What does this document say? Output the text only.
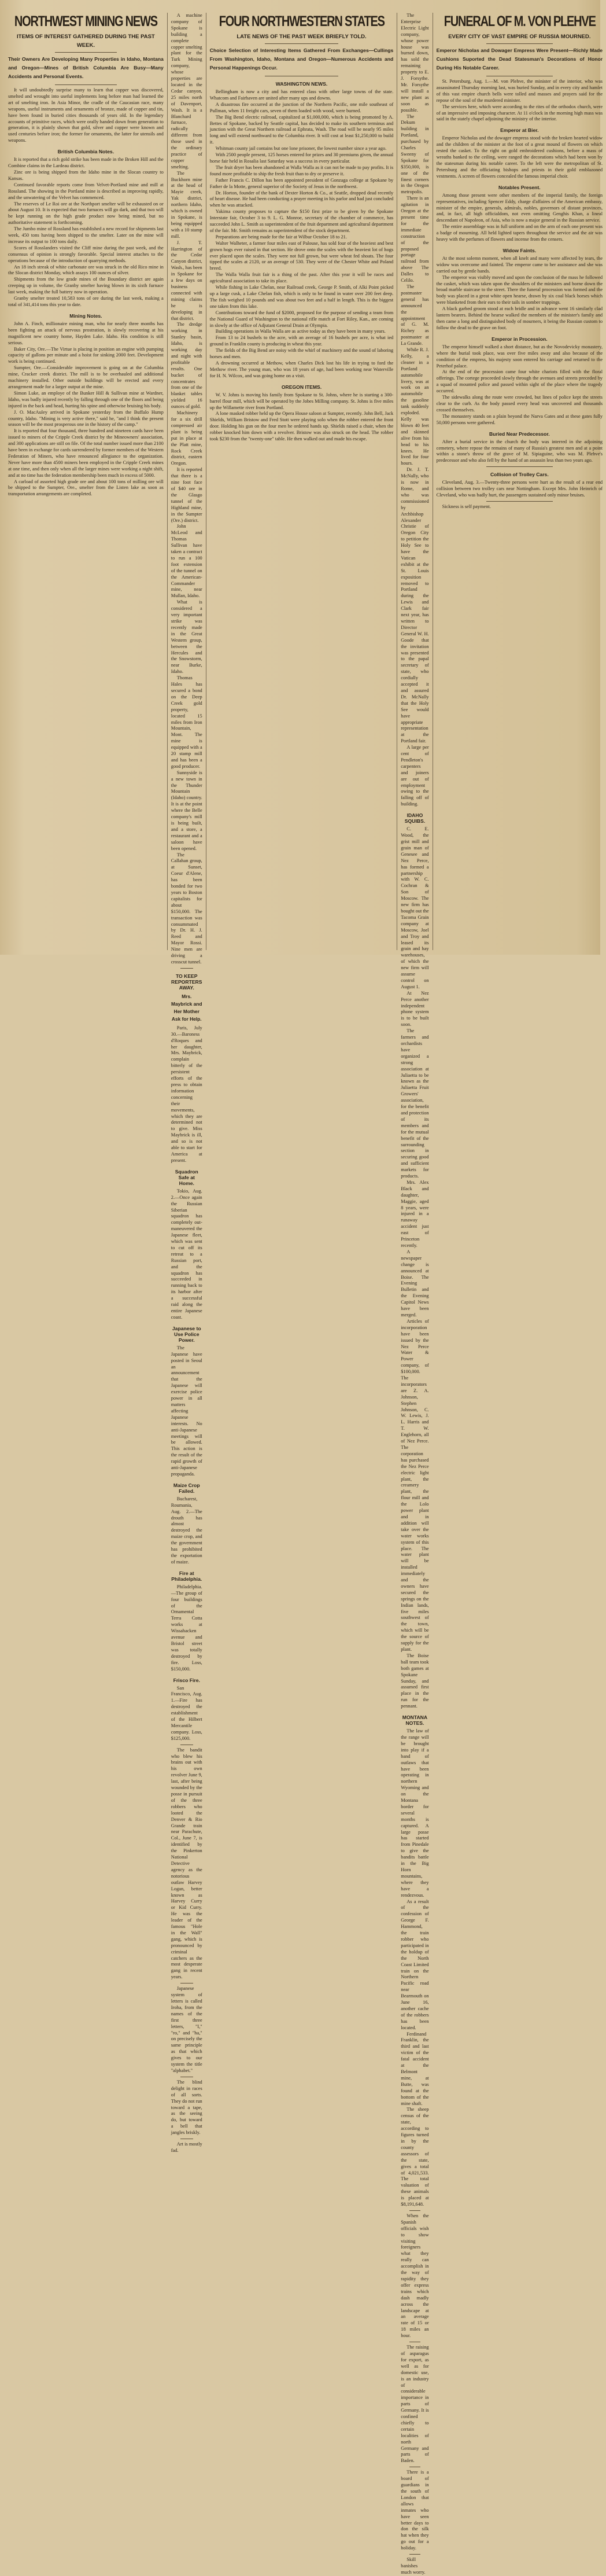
NORTHWEST MINING NEWS
ITEMS OF INTEREST GATHERED DURING THE PAST WEEK.
Their Owners Are Developing Many Properties in Idaho, Montana and Oregon—Mines of British Columbia Are Busy—Many Accidents and Personal Events.

It will undoubtedly surprise many to learn that copper was discovered, smelted and wrought into useful implements long before man had learned the art of smelting iron. In Asia Minor, the cradle of the Caucasian race, many weapons, useful instruments and ornaments of bronze, made of copper and tin, have been found in buried cities thousands of years old. In the legendary accounts of primitive races, which were orally handed down from generation to generation, it is plainly shown that gold, silver and copper were known and used centuries before iron; the former for ornaments, the latter for utensils and weapons.

British Columbia Notes.

It is reported that a rich gold strike has been made in the Broken Hill and the Combine claims in the Lardeau district.

Zinc ore is being shipped from the Idaho mine in the Slocan country to Kansas.

Continued favorable reports come from Velvet-Portland mine and mill at Rossland. The showing in the Portland mine is described as improving rapidly, and the unwatering of the Velvet has commenced.

The reserves of Le Roi ore at the Northport smelter will be exhausted on or about August 10. It is expected that two furnaces will go dark, and that two will be kept running on the high grade product now being mined, but no authoritative statement is forthcoming.

The Jumbo mine of Rossland has established a new record for shipments last week, 450 tons having been shipped to the smelter. Later on the mine will increase its output to 100 tons daily.

Scores of Rosslanders visited the Cliff mine during the past week, and the consensus of opinion is strongly favorable. Special interest attaches to the operations because of the introduction of quarrying methods.

An 18 inch streak of white carbonate ore was struck in the old Rico mine in the Slocan district Monday, which assays 100 ounces of silver.

Shipments from the low grade mines of the Boundary district are again creeping up in volume, the Granby smelter having blown in its sixth furnace last week, making the full battery now in operation.

Granby smelter treated 10,583 tons of ore during the last week, making a total of 341,414 tons this year to date.

Mining Notes.

John A. Finch, millionaire mining man, who for nearly three months has been fighting an attack of nervous prostration, is slowly recovering at his magnificent new country home, Hayden Lake. Idaho. His condition is still serious.

Baker City, Ore.—The Virtue is placing in position an engine with pumping capacity of gallons per minute and a hoist for sinking 2000 feet. Development work is being continued.

Sumpter, Ore.—Considerable improvement is going on at the Columbia mine, Cracker creek district. The mill is to be overhauled and additional machinery installed. Other outside buildings will be erected and every arrangement made for a larger output at the mine.

Simon Luke, an employe of the Bunker Hill & Sullivan mine at Wardner, Idaho, was badly injured recently by falling through one of the floors and being injured in the back and head, hurting his spine and otherwise bruising his body.

J. O. MacAuley arrived in Spokane yesterday from the Buffalo Hump country, Idaho. "Mining is very active there," said he, "and I think the present season will be the most prosperous one in the history of the camp."

It is reported that four thousand, three hundred and nineteen cards have been issued to miners of the Cripple Creek district by the Mineowners' association, and 300 applications are still on file. Of the total number issued more than 2100 have been in exchange for cards surrendered by former members of the Western Federation of Miners, who have renounced allegiance to the organization. Never have more than 4500 miners been employed in the Cripple Creek mines at one time, and then only when all the larger mines were working a night shift, and at no time has the federation membership been much in excess of 5000.

A carload of assorted high grade ore and about 100 tons of milling ore will be shipped to the Sumpter, Ore., smelter from the Listen lake as soon as transportation arrangements are completed.

A machine company of Spokane is building a complete copper smelting plant for the Turk Mining company, whose properties are located in the Cedar canyon, 25 miles north of Davenport, Wash. It is a Blanchard furnace, radically different from those used in the ordinary practice of copper smelting.

The Buckhorn mine at the head of Mayie creek, Yak district, northern Idaho, which is owned in Spokane, is being equipped with a 10 stamp mill.

J. T. Harrington of the Cedar Canyon district, Wash., has been in Spokane for a few days on business connected with mining claims he is developing in that district.

The dredge working in Stanley basin, Idaho, is working day and night with profitable results. One bucket of concentrates from one of the blanket tables yielded 16 ounces of gold.

Machinery for a six drill compressed air plant is being put in place at the Platt mine, Rock Creek district, eastern Oregon.

It is reported that there is a nine foot face of $40 ore in the Glasgo tunnel of the Highland mine, in the Sumpter (Ore.) district.

John McLeod and Thomas Sullivan have taken a contract to run a 100 foot extension of the tunnel on the American-Commander mine, near Mullan, Idaho.

What is considered a very important strike was recently made in the Great Western group, between the Hercules and the Snowstorm, near Burke, Idaho.

Thomas Hales has secured a bond on the Deep Creek gold property, located 15 miles from Iron Mountain, Mont. The mine is equipped with a 20 stamp mill and has been a good producer.

Sunnyside is a new town in the Thunder Mountain (Idaho) country. It is at the point where the Belle company's mill is being built, and a store, a restaurant and a saloon have been opened.

The Callahan group, at Sunset, Coeur d'Alene, has been bonded for two years to Boston capitalists for about $150,000. The transaction was consummated by Dr. H. J. Reed and Mayor Rossi. Nine men are driving a crosscut tunnel.

TO KEEP REPORTERS AWAY.
Mrs. Maybrick and Her Mother Ask for Help.

Paris, July 30.—Baroness d'Roques and her daughter, Mrs. Maybrick, complain bitterly of the persistent efforts of the press to obtain information concerning their movements, which they are determined not to give. Miss Maybrick is ill, and so is not able to start for America at present.

Squadron Safe at Home.

Tokio, Aug. 2.—Once again the Russian Siberian squadron has completely out-maneuvered the Japanese fleet, which was sent to cut off its retreat to a Russian port, and the squadron has succeeded in running back to its harbor after a successful raid along the entire Japanese coast.

Japanese to Use Police Power.

The Japanese have posted in Seoul an announcement that the Japanese will exercise police power in all matters affecting Japanese interests. No anti-Japanese meetings will be allowed. This action is the result of the rapid growth of anti-Japanese propaganda.

Maize Crop Failed.

Bucharest, Roumania, Aug. 2.—The drouth has almost destroyed the maize crop, and the government has prohibited the exportation of maize.

Fire at Philadelphia.

Philadelphia.—The group of four buildings of the Ornamental Terra Cotta works at Wissahacken avenue and Bristol street was totally destroyed by fire. Loss, $150,000.

Frisco Fire.

San Francisco, Aug. 1.—Fire has destroyed the establishment of the Hilbert Mercantile company. Loss, $125,000.

The bandit who blew his brains out with his own revolver June 9, last, after being wounded by the posse in pursuit of the three robbers who looted the Denver & Rio Grande train near Parachute, Col., June 7, is identified by the Pinkerton National Detective agency as the notorious outlaw Harvey Logan, better known as Harvey Curry or Kid Curry. He was the leader of the famous "Hole in the Wall" gang, which is pronounced by criminal catchers as the most desperate gang in recent years.

Japanese system of letters is called Iroha, from the names of the first three letters, "I," "ro," and "ha," on precisely the same principle as that which gives to our system the title "alphabet."

The blind delight in races of all sorts. They do not run toward a tape, as the seeing do, but toward a bell that jangles briskly.

Art is mostly fad.

FOUR NORTHWESTERN STATES
LATE NEWS OF THE PAST WEEK BRIEFLY TOLD.
Choice Selection of Interesting Items Gathered From Exchanges—Cullings From Washington, Idaho, Montana and Oregon—Numerous Accidents and Personal Happenings Occur.
WASHINGTON NEWS.

Bellingham is now a city and has entered class with other large towns of the state. Whatcom and Fairhaven are united after many ups and downs.

A disastrous fire occurred at the junction of the Northern Pacific, one mile southeast of Pullman, when 11 freight cars, seven of them loaded with wood, were burned.

The Big Bend electric railroad, capitalized at $1,000,000, which is being promoted by A. Bettes of Spokane, backed by Seattle capital, has decided to make its southern terminus and junction with the Great Northern railroad at Ephrata, Wash. The road will be nearly 95 miles long and will extend northward to the Columbia river. It will cost at least $1,250,000 to build it.

Whitman county jail contains but one lone prisoner, the lowest number since a year ago.

With 2500 people present, 125 horses entered for prizes and 30 premiums given, the annual horse fair held in Rosalia last Saturday was a success in every particular.

The fruit dryer has been abandoned at Walla Walla as it can not be made to pay profits. It is found more profitable to ship the fresh fruit than to dry or preserve it.

Father Francis C. Dillon has been appointed president of Gonzaga college at Spokane by Father de la Motte, general superior of the Society of Jesus in the northwest.

Dr. Horton, founder of the bank of Dexter Horton & Co., at Seattle, dropped dead recently of heart disease. He had been conducting a prayer meeting in his parlor and had just concluded when he was attacked.

Yakima county proposes to capture the $150 first prize to be given by the Spokane Interstate fair, October 3 to 9. L. G. Monroe, secretary of the chamber of commerce, has succeeded John L. Smith as superintendent of the fruit department and agricultural department of the fair. Mr. Smith remains as superintendent of the stock department.

Preparations are being made for the fair at Wilbur October 18 to 21.

Walter Walheter, a farmer four miles east of Palouse, has sold four of the heaviest and best grown hogs ever raised in that section. He drove onto the scales with the heaviest lot of hogs ever placed upon the scales. They were not full grown, but were wheat fed shoats. The four tipped the scales at 2120, or an average of 530. They were of the Chester White and Poland breed.

The Walla Walla fruit fair is a thing of the past. After this year it will be races and agricultural association to take its place.

While fishing in Lake Chelan, near Railroad creek, George P. Smith, of Alki Point picked up a large cusk, a Lake Chelan fish, which is only to be found in water over 200 feet deep. The fish weighed 10 pounds and was about two feet and a half in length. This is the biggest one taken from this lake.

Contributions toward the fund of $2000, proposed for the purpose of sending a team from the National Guard of Washington to the national rifle match at Fort Riley, Kan., are coming in slowly at the office of Adjutant General Drain at Olympia.

Building operations in Walla Walla are as active today as they have been in many years.

From 13 to 24 bushels to the acre, with an average of 16 bushels per acre, is what ied ground in Franklin county is producing in wheat this year.

The fields of the Big Bend are noisy with the whirl of machinery and the sound of laboring horses and men.

A drowning occurred at Methow, when Charles Dick lost his life in trying to ford the Methow river. The young man, who was 18 years of age, had been working near Waterville for H. N. Wilcox, and was going home on a visit.

OREGON ITEMS.

W. V. Johns is moving his family from Spokane to St. Johns, where he is starting a 300-barrel flour mill, which will be operated by the Jobes Milling company. St. Johns is five miles up the Willamette river from Portland.

A lone masked robber held up the Opera House saloon at Sumpter, recently. John Bell, Jack Shields, William Bristow and Fred Stott were playing solo when the robber entered the front door. Holding his gun on the four men he ordered hands up. Shields raised a chair, when the robber knocked him down with a revolver. Bristow was also struck on the head. The robber took $230 from the "twenty-one" table. He then walked out and made his escape.

The Enterprise Electric Light company, whose power house was burned down, has sold the remaining property to E. J. Forsythe. Mr. Forsythe will install a new plant as soon as possible.

The Dekum building in Portland, purchased by Charles Sweeny of Spokane for $350,000, is one of the finest corners in the Oregon metropolis.

There is an agitation in Oregon at the present time for the immediate construction of the proposed portage railroad from above The Dalles to Celilo.

The postmaster general has announced the appointment of G. M. Richey as postmaster at La Grande.

While R. J. Kelly, a cleaner in a Portland automobile livery, was at work on an automobile the gasoline tank suddenly exploded. Kelly was blown 40 feet and skinned alive from his head to his knees. He lived for four hours.

Dr. J. T. McNally, who is now in Rome, and who was commissioned by Archbishop Alexander Christie of Oregon City to petition the Holy See to have the Vatican exhibit at the St. Louis exposition removed to Portland during the Lewis and Clark fair next year, has written to Director General W. H. Goode that the invitation was presented to the papal secretary of state, who cordially accepted it and assured Dr. McNally that the Holy See would have appropriate representation at the Portland fair.

A large per cent of Pendleton's carpenters and joiners are out of employment owing to the falling off of building.

IDAHO SQUIBS.

C. E. Wood, the grist mill and grain man of Genesee and Nez Perce, has formed a partnership with W. C. Cochran & Son of Moscow. The new firm has bought out the Tacoma Grain company at Moscow, Joel and Troy and leased its grain and hay warehouses, of which the new firm will assume control on August 1.

At Nez Perce another independent phone system is to be built soon.

The farmers and orchardists have organized a strong association at Juliaetta to be known as the Juliaetta Fruit Growers' association, for the benefit and protection of its members and for the mutual benefit of the surrounding section in securing good and sufficient markets for products.

Mrs. Alex Black and daughter, Maggie, aged 8 years, were injured in a runaway accident just east of Princeton recently.

A newspaper change is announced at Boise. The Evening Bulletin and the Evening Capitol News have been merged.

Articles of incorporation have been issued by the Nez Perce Water & Power company, of $100,000. The incorporators are Z. A. Johnson, Stephen Johnson, C. W. Lewis, J. L. Harris and T. W. Englehorn, all of Nez Perce. The corporation has purchased the Nez Perce electric light plant, the creamery plant, the flour mill and the Lolo power plant and in addition will take over the water works system of this place. The water plant will be installed immediately and the owners have secured the springs on the Indian lands, five miles southwest of the town, which will be the source of supply for the plant.

The Boise ball team took both games at Spokane Sunday, and assumed first place in the run for the pennant.

MONTANA NOTES.

The law of the range will be brought into play if a band of outlaws that have been operating in northern Wyoming and on the Montana border for several months is captured. A large posse has started from Pinedale to give the bandits battle in the Big Horn mountains, where they have a rendezvous.

As a result of the confession of George F. Hammond, the train robber who participated in the holdup of the North Coast Limited train on the Northern Pacific road near Bearmouth on June 16, another cache of the robbers has been located.

Ferdinand Franklin, the third and last victim of the fatal accident at the Belmont mine, at Butte, was found at the bottom of the mine shaft.

The sheep census of the state, according to figures turned in by the county assessors of the state, gives a total of 4,021,533. The total valuation of these animals is placed at $8,191,648.

When the Spanish officials wish to show visiting foreigners what they really can accomplish in the way of rapidity they offer express trains which dash madly across the landscape at an average rate of 15 or 18 miles an hour.

The raising of asparagus for export, as well as for domestic use, is an industry of considerable importance in parts of Germany. It is confined chiefly to certain localities of north Germany and parts of Baden.

There is a board of guardians in the south of London that allows inmates who have seen better days to don the silk hat when they go out for a holiday.

Skill banishes much worry.

FUNERAL OF M. VON PLEHVE
EVERY CITY OF VAST EMPIRE OF RUSSIA MOURNED.
Emperor Nicholas and Dowager Empress Were Present—Richly Made Cushions Suported the Dead Statesman's Decorations of Honor During His Notable Career.

St. Petersburg, Aug. 1.—M. von Plehve, the minister of the interior, who was assassinated Thursday morning last, was buried Sunday, and in every city and hamlet of this vast empire church bells were tolled and masses and prayers said for the repose of the soul of the murdered minister.

The services here, which were according to the rites of the orthodox church, were of an impressive and imposing character. At 11 o'clock in the morning high mass was said in the stately chapel adjoining the ministry of the interior.

Emperor at Bier.

Emperor Nicholas and the dowager empress stood with the broken hearted widow and the children of the minister at the foot of a great mound of flowers on which rested the casket. To the right on gold embroidered cushions, before a mass of wreaths banked to the ceiling, were ranged the decorations which had been won by the statesman during his notable career. To the left were the metropolitan of St. Petersburg and the officiating bishops and priests in their gold emblazoned vestments. A screen of flowers concealed the famous imperial choir.

Notables Present.

Among those present were other members of the imperial family, the foreign representatives, including Spencer Eddy, charge d'affaires of the American embassy, minister of the empire, generals, admirals, nobles, governors of distant provinces, and, in fact, all high officialdom, not even omitting Genghis Khan, a lineal descendant of Napoleon, of Asia, who is now a major general in the Russian service.

The entire assemblage was in full uniform and on the arm of each one present was a badge of mourning. All held lighted tapers throughout the service and the air was heavy with the perfumes of flowers and incense from the censers.

Widow Faints.

At the most solemn moment, when all knelt and many were affected by tears, the widow was overcome and fainted. The emperor came to her assistance and she was carried out by gentle hands.

The emperor was visibly moved and upon the conclusion of the mass he followed the casket, which was taken upon the shoulders of the ministers and borne down the broad marble staircase to the street. There the funeral procession was formed and the body was placed in a great white open hearse, drawn by six coal black horses which were blanketed from their ears to their tails in somber trappings.

A black garbed groom stood at each bridle and in advance went 16 similarly clad lantern bearers. Behind the hearse walked the members of the minister's family and then came a long and distinguished body of mourners, it being the Russian custom to follow the dead to the grave on foot.

Emperor in Procession.

The emperor himself walked a short distance, but as the Novodevicky monastery, where the burial took place, was over five miles away and also because of the condition of the empress, his majesty soon entered his carriage and returned to the Peterhof palace.

At the end of the procession came four white chariots filled with the floral offerings. The cortege proceeded slowly through the avenues and streets preceded by a squad of mounted police and passed within sight of the place where the tragedy occurred.

The sidewalks along the route were crowded, but lines of police kept the streets clear to the curb. As the body passed every head was uncovered and thousands crossed themselves.

The monastery stands on a plain beyond the Narva Gates and at these gates fully 50,000 persons were gathered.

Buried Near Predecessor.

After a burial service in the church the body was interred in the adjoining cemetery, where repose the remains of many of Russia's greatest men and at a point within a stone's throw of the grave of M. Sipiaguine, who was M. Plehve's predecessor and who also fell by the hand of an assassin less than two years ago.

Collision of Trolley Cars.

Cleveland, Aug. 3.—Twenty-three persons were hurt as the result of a rear end collision between two trolley cars near Nottingham. Except Mrs. John Heinrich of Cleveland, who was badly hurt, the passengers sustained only minor bruises.

Sickness is self payment.
